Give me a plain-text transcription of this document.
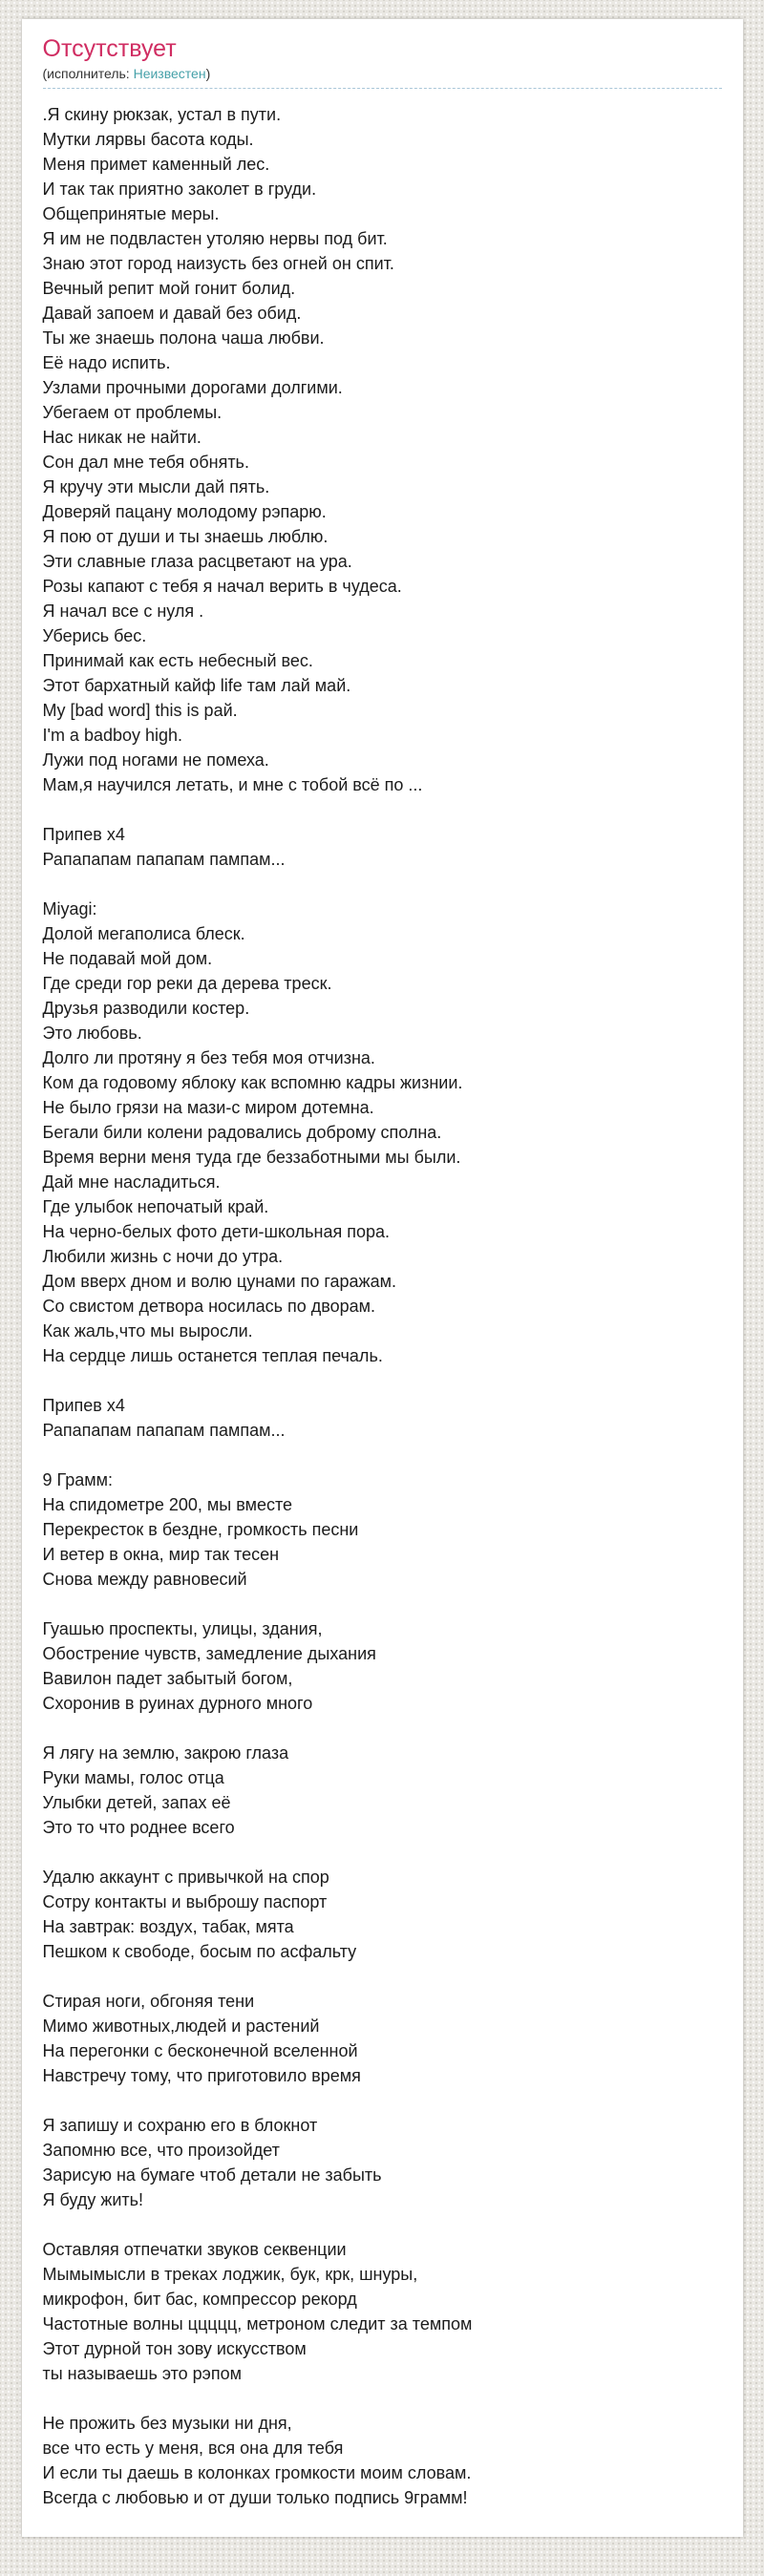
Отсутствует
(исполнитель: Неизвестен)
.Я скину рюкзак, устал в пути.
Мутки лярвы басота коды.
Меня примет каменный лес.
И так так приятно заколет в груди.
Общепринятые меры.
Я им не подвластен утоляю нервы под бит.
Знаю этот город наизусть без огней он спит.
Вечный репит мой гонит болид.
Давай запоем и давай без обид.
Ты же знаешь полона чаша любви.
Её надо испить.
Узлами прочными дорогами долгими.
Убегаем от проблемы.
Нас никак не найти.
Сон дал мне тебя обнять.
Я кручу эти мысли дай пять.
Доверяй пацану молодому рэпарю.
Я пою от души и ты знаешь люблю.
Эти славные глаза расцветают на ура.
Розы капают с тебя я начал верить в чудеса.
Я начал все с нуля .
Уберись бес.
Принимай как есть небесный вес.
Этот бархатный кайф life там лай май.
My [bad word] this is рай.
I'm a badboy high.
Лужи под ногами не помеха.
Мам,я научился летать, и мне с тобой всё по ...

Припев x4
Рапапапам папапам пампам...

Miyagi:
Долой мегаполиса блеск.
Не подавай мой дом.
Где среди гор реки да дерева треск.
Друзья разводили костер.
Это любовь.
Долго ли протяну я без тебя моя отчизна.
Ком да годовому яблоку как вспомню кадры жизнии.
Не было грязи на мази-с миром дотемна.
Бегали били колени радовались доброму сполна.
Время верни меня туда где беззаботными мы были.
Дай мне насладиться.
Где улыбок непочатый край.
На черно-белых фото дети-школьная пора.
Любили жизнь с ночи до утра.
Дом вверх дном и волю цунами по гаражам.
Со свистом детвора носилась по дворам.
Как жаль,что мы выросли.
На сердце лишь останется теплая печаль.

Припев x4
Рапапапам папапам пампам...

9 Грамм:
На спидометре 200, мы вместе
Перекресток в бездне, громкость песни
И ветер в окна, мир так тесен
Снова между равновесий

Гуашью проспекты, улицы, здания,
Обострение чувств, замедление дыхания
Вавилон падет забытый богом,
Схоронив в руинах дурного много

Я лягу на землю, закрою глаза
Руки мамы, голос отца
Улыбки детей, запах её
Это то что роднее всего

Удалю аккаунт с привычкой на спор
Сотру контакты и выброшу паспорт
На завтрак: воздух, табак, мята
Пешком к свободе, босым по асфальту

Стирая ноги, обгоняя тени
Мимо животных,людей и растений
На перегонки с бесконечной вселенной
Навстречу тому, что приготовило время

Я запишу и сохраню его в блокнот
Запомню все, что произойдет
Зарисую на бумаге чтоб детали не забыть
Я буду жить!

Оставляя отпечатки звуков секвенции
Мымымысли в треках лоджик, бук, крк, шнуры,
микрофон, бит бас, компрессор рекорд
Частотные волны ццццц, метроном следит за темпом
Этот дурной тон зову искусством
ты называешь это рэпом

Не прожить без музыки ни дня,
все что есть у меня, вся она для тебя
И если ты даешь в колонках громкости моим словам.
Всегда с любовью и от души только подпись 9грамм!
